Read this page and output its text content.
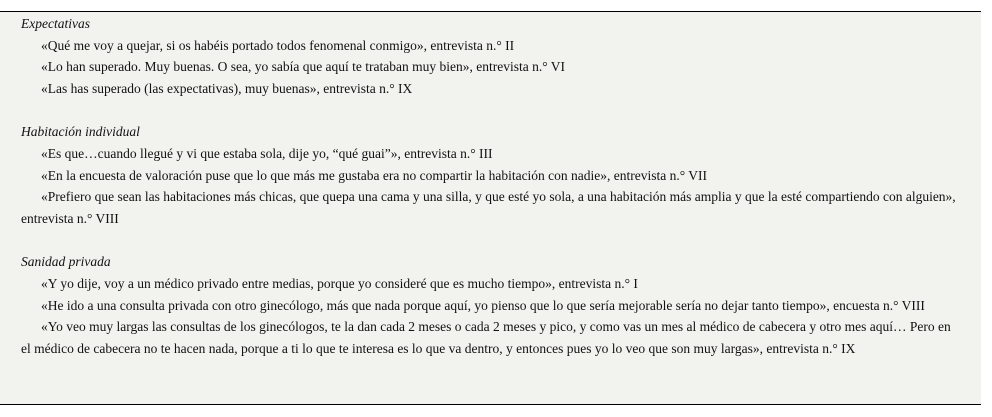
Expectativas

«Qué me voy a quejar, si os habéis portado todos fenomenal conmigo», entrevista n.° II

«Lo han superado. Muy buenas. O sea, yo sabía que aquí te trataban muy bien», entrevista n.° VI

«Las has superado (las expectativas), muy buenas», entrevista n.° IX

Habitación individual

«Es que…cuando llegué y vi que estaba sola, dije yo, “qué guai”», entrevista n.° III

«En la encuesta de valoración puse que lo que más me gustaba era no compartir la habitación con nadie», entrevista n.° VII

«Prefiero que sean las habitaciones más chicas, que quepa una cama y una silla, y que esté yo sola, a una habitación más amplia y que la esté compartiendo con alguien», entrevista n.° VIII

Sanidad privada

«Y yo dije, voy a un médico privado entre medias, porque yo consideré que es mucho tiempo», entrevista n.° I

«He ido a una consulta privada con otro ginecólogo, más que nada porque aquí, yo pienso que lo que sería mejorable sería no dejar tanto tiempo», encuesta n.° VIII

«Yo veo muy largas las consultas de los ginecólogos, te la dan cada 2 meses o cada 2 meses y pico, y como vas un mes al médico de cabecera y otro mes aquí… Pero en el médico de cabecera no te hacen nada, porque a ti lo que te interesa es lo que va dentro, y entonces pues yo lo veo que son muy largas», entrevista n.° IX
